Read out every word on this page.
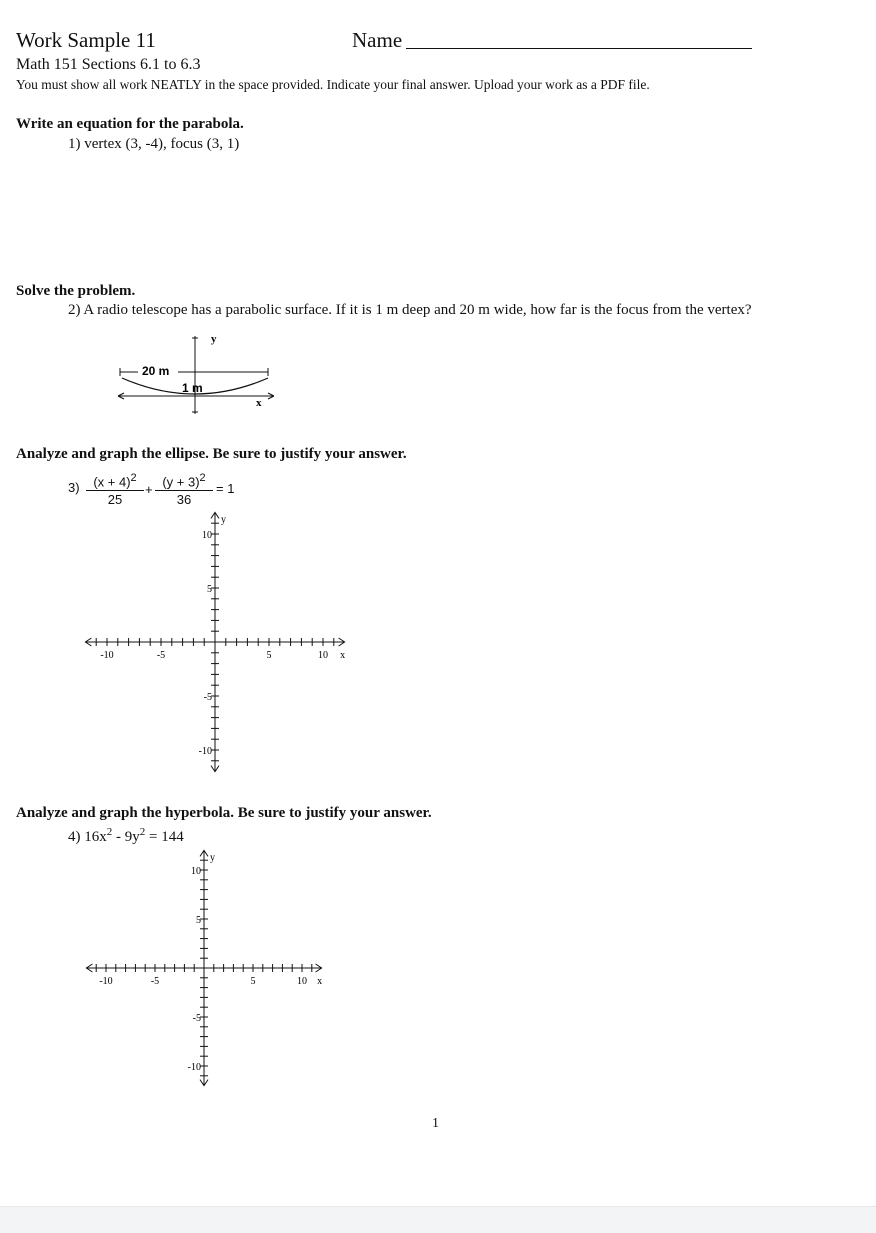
Work Sample 11	Name
Math 151 Sections 6.1 to 6.3
You must show all work NEATLY in the space provided. Indicate your final answer. Upload your work as a PDF file.
Write an equation for the parabola.
1) vertex (3, -4), focus (3, 1)
Solve the problem.
2) A radio telescope has a parabolic surface. If it is 1 m deep and 20 m wide, how far is the focus from the vertex?
y
20 m
1 m
x
Analyze and graph the ellipse. Be sure to justify your answer.
$3) \frac{(x + 4)^2}{25} + \frac{(y + 3)^2}{36} = 1$
-10	-5	5	10
10
5
-5
-10
x
y
Analyze and graph the hyperbola. Be sure to justify your answer.
4) $16x^2 - 9y^2 = 144$
-10	-5	5	10
10
5
-5
-10
x
y
1
